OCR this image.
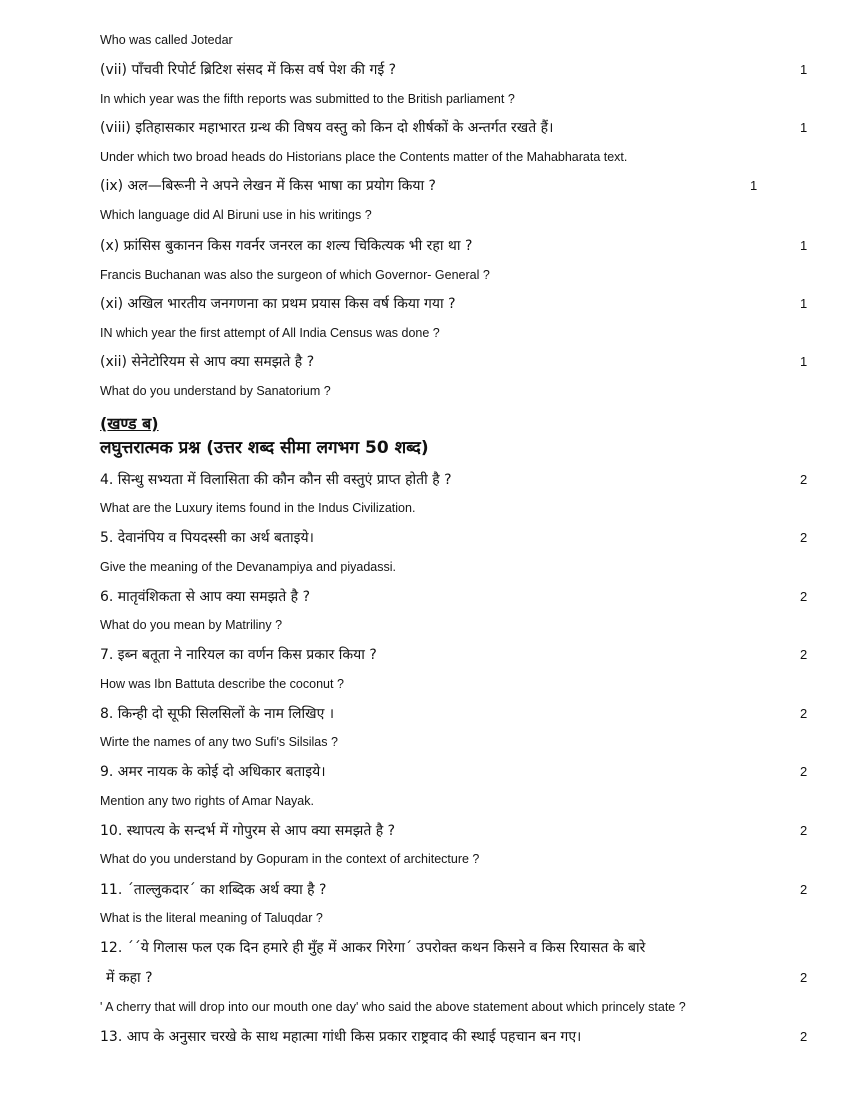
Who was called Jotedar
(vii) पाँचवी रिपोर्ट ब्रिटिश संसद में किस वर्ष पेश की गई ?	1
In which year was the fifth reports was submitted to the British parliament ?
(viii) इतिहासकार महाभारत ग्रन्थ की विषय वस्तु को किन दो शीर्षकों के अन्तर्गत रखते हैं।	1
Under which two broad heads do Historians place the Contents matter of the Mahabharata text.
(ix) अल—बिरूनी ने अपने लेखन में किस भाषा का प्रयोग किया ?	1
Which language did Al Biruni use in his writings ?
(x) फ्रांसिस बुकानन किस गवर्नर जनरल का शल्य चिकित्यक भी रहा था ?	1
Francis Buchanan was also the surgeon of which Governor- General ?
(xi) अखिल भारतीय जनगणना का प्रथम प्रयास किस वर्ष किया गया ?	1
IN which year the first attempt of All India Census was done ?
(xii) सेनेटोरियम से आप क्या समझते है ?	1
What do you understand by Sanatorium ?
4. सिन्धु सभ्यता में विलासिता की कौन कौन सी वस्तुएं प्राप्त होती है ?	2
What are the Luxury items found in the Indus Civilization.
5. देवानंपिय व पियदस्सी का अर्थ बताइये।	2
Give the meaning of the Devanampiya and piyadassi.
6. मातृवंशिकता से आप क्या समझते है ?	2
What do you mean by Matriliny ?
7. इब्न बतूता ने नारियल का वर्णन किस प्रकार किया ?	2
How was Ibn Battuta describe the coconut ?
8. किन्ही दो सूफी सिलसिलों के नाम लिखिए ।	2
Wirte the names of any two Sufi's Silsilas ?
9. अमर नायक के कोई दो अधिकार बताइये।	2
Mention any two rights of Amar Nayak.
10. स्थापत्य के सन्दर्भ में गोपुरम से आप क्या समझते है ?	2
What do you understand by Gopuram in the context of architecture ?
11. ´ताल्लुकदार´ का शब्दिक अर्थ क्या है ?	2
What is the literal meaning of Taluqdar ?
12. ´´ये गिलास फल एक दिन हमारे ही मुँह में आकर गिरेगा´ उपरोक्त कथन किसने व किस रियासत के बारे
में कहा ?	2
' A cherry that will drop into our mouth one day' who said the above statement about which princely state ?
13. आप के अनुसार चरखे के साथ महात्मा गांधी किस प्रकार राष्ट्रवाद की स्थाई पहचान बन गए।	2
(खण्ड ब)
लघुत्तरात्मक प्रश्न (उत्तर शब्द सीमा लगभग 50 शब्द)
